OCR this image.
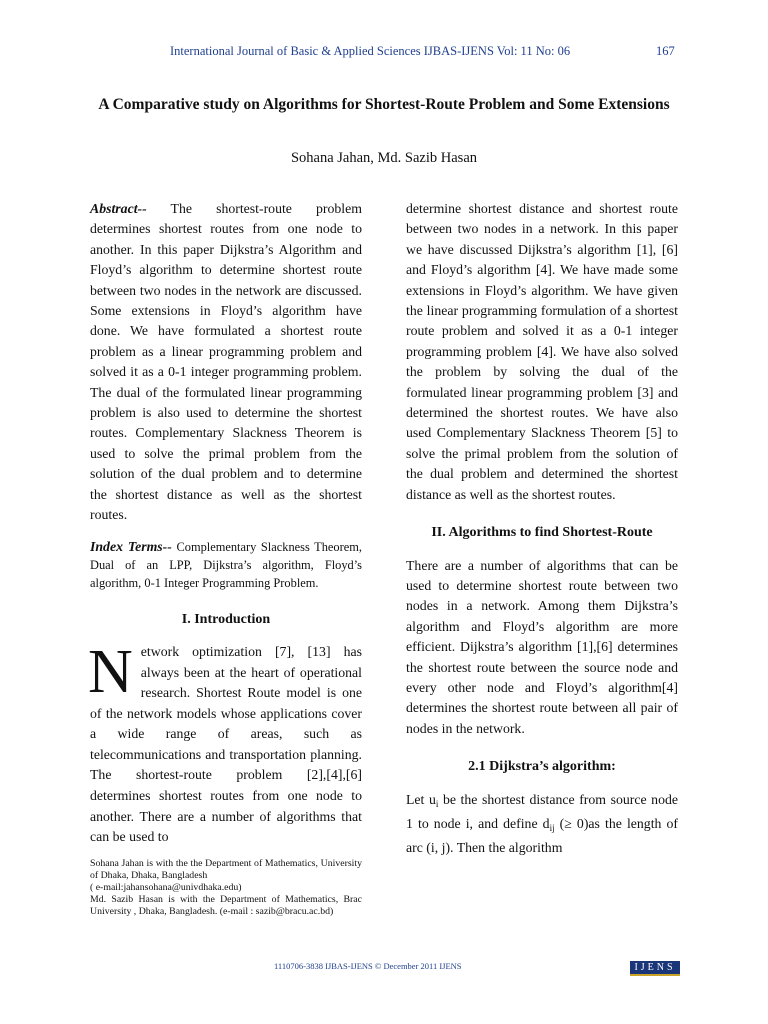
International Journal of Basic & Applied Sciences IJBAS-IJENS Vol: 11 No: 06	167
A Comparative study on Algorithms for Shortest-Route Problem and Some Extensions
Sohana Jahan, Md. Sazib Hasan

Abstract-- The shortest-route problem determines shortest routes from one node to another. In this paper Dijkstra’s Algorithm and Floyd’s algorithm to determine shortest route between two nodes in the network are discussed. Some extensions in Floyd’s algorithm have done. We have formulated a shortest route problem as a linear programming problem and solved it as a 0-1 integer programming problem. The dual of the formulated linear programming problem is also used to determine the shortest routes. Complementary Slackness Theorem is used to solve the primal problem from the solution of the dual problem and to determine the shortest distance as well as the shortest routes.

Index Terms-- Complementary Slackness Theorem, Dual of an LPP, Dijkstra’s algorithm, Floyd’s algorithm, 0-1 Integer Programming Problem.

I. Introduction

N etwork optimization [7], [13] has always been at the heart of operational research. Shortest Route model is one of the network models whose applications cover a wide range of areas, such as telecommunications and transportation planning. The shortest-route problem [2],[4],[6] determines shortest routes from one node to another. There are a number of algorithms that can be used to

determine shortest distance and shortest route between two nodes in a network. In this paper we have discussed Dijkstra’s algorithm [1], [6] and Floyd’s algorithm [4]. We have made some extensions in Floyd’s algorithm. We have given the linear programming formulation of a shortest route problem and solved it as a 0-1 integer programming problem [4]. We have also solved the problem by solving the dual of the formulated linear programming problem [3] and determined the shortest routes. We have also used Complementary Slackness Theorem [5] to solve the primal problem from the solution of the dual problem and determined the shortest distance as well as the shortest routes.

II. Algorithms to find Shortest-Route

There are a number of algorithms that can be used to determine shortest route between two nodes in a network. Among them Dijkstra’s algorithm and Floyd’s algorithm are more efficient. Dijkstra’s algorithm [1],[6] determines the shortest route between the source node and every other node and Floyd’s algorithm[4] determines the shortest route between all pair of nodes in the network.

2.1 Dijkstra’s algorithm:

Let $u_i$ be the shortest distance from source node 1 to node i, and define $d_{ij}$ (≥ 0)as the length of arc (i, j). Then the algorithm

Sohana Jahan is with the the Department of Mathematics, University of Dhaka, Dhaka, Bangladesh
( e-mail:jahansohana@univdhaka.edu)
Md. Sazib Hasan is with the Department of Mathematics, Brac University , Dhaka, Bangladesh. (e-mail : sazib@bracu.ac.bd)
1110706-3838 IJBAS-IJENS © December 2011 IJENS	IJENS
